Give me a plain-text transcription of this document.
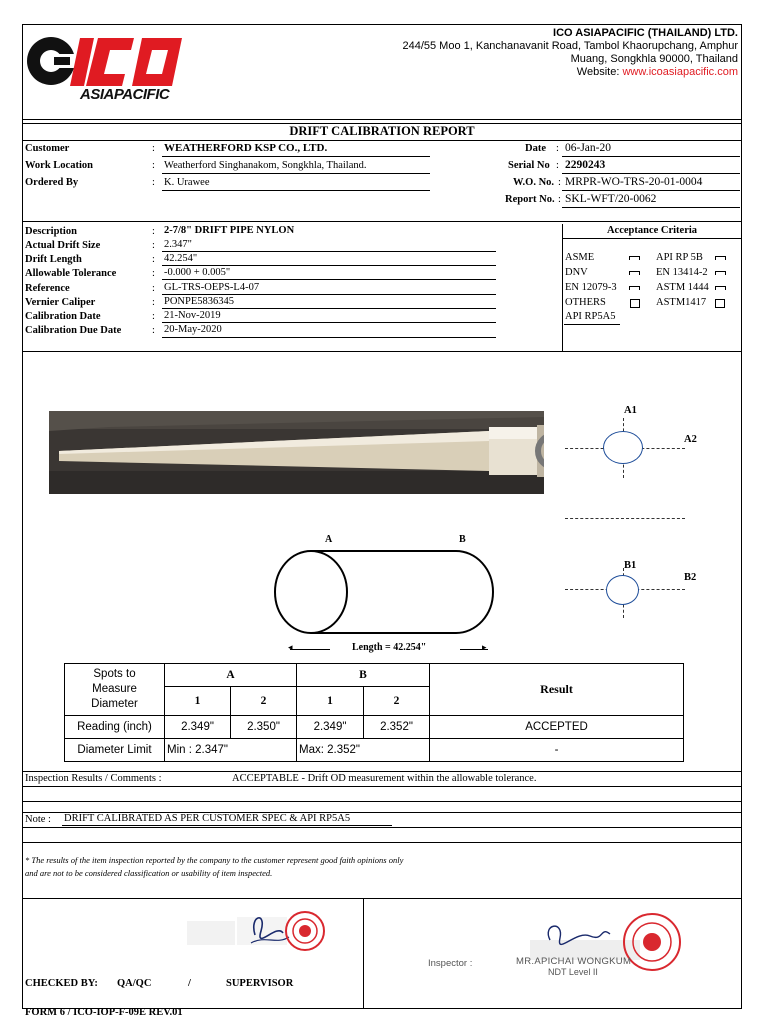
ASIAPACIFIC
ICO ASIAPACIFIC (THAILAND) LTD.
244/55 Moo 1, Kanchanavanit Road, Tambol Khaorupchang, Amphur
Muang, Songkhla 90000, Thailand
Website: www.icoasiapacific.com
DRIFT CALIBRATION REPORT
Customer	: WEATHERFORD KSP CO., LTD.
Work Location	: Weatherford Singhanakom, Songkhla, Thailand.
Ordered By	: K. Urawee
Date : 06-Jan-20
Serial No : 2290243
W.O. No. : MRPR-WO-TRS-20-01-0004
Report No. : SKL-WFT/20-0062
Description	: 2-7/8" DRIFT PIPE NYLON
Actual Drift Size	: 2.347"
Drift Length	: 42.254"
Allowable Tolerance	: -0.000 + 0.005"
Reference	: GL-TRS-OEPS-L4-07
Vernier Caliper	: PONPE5836345
Calibration Date	: 21-Nov-2019
Calibration Due Date	: 20-May-2020
Acceptance Criteria
ASME	API RP 5B
DNV	EN 13414-2
EN 12079-3	ASTM 1444
OTHERS	ASTM1417
API RP5A5
A1
A2
B1
B2
A	B
Length = 42.254"	▸
◂
Spots to Measure Diameter	A		B		Result
	1	2	1	2	
Reading (inch)	2.349"	2.350"	2.349"	2.352"	ACCEPTED
Diameter Limit	Min : 2.347"		Max: 2.352"		-
Inspection Results / Comments :	ACCEPTABLE - Drift OD measurement within the allowable tolerance.
Note : DRIFT CALIBRATED AS PER CUSTOMER SPEC & API RP5A5
* The results of the item inspection reported by the company to the customer represent good faith opinions only
and are not to be considered classification or usability of item inspected.
Inspector :	MR.APICHAI WONGKUM
NDT Level II
CHECKED BY: QA/QC	/	SUPERVISOR
FORM 6 / ICO-IOP-F-09E REV.01
